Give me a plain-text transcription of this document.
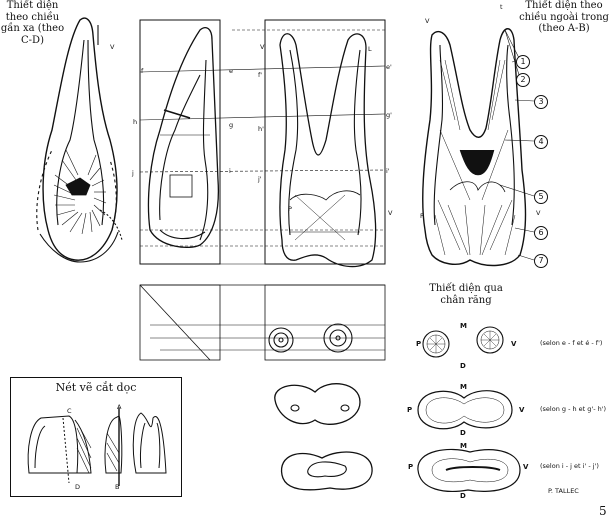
Thiết diện theo chiều gần xa (theo C-D)
Thiết diện theo chiều ngoài trong (theo A-B)
Thiết diện qua chân răng
1
2
3
4
5
6
7
e
f
g
h
i
j
e'
f'
g'
h'
i'
j'
V	V	L
V
t
P	V
P	V
P
M
V
D
P
M
V
D
P
M
V
D
(selon e - f et é - f')
(selon g - h et g'- h')
(selon i - j et i' - j')
P. TALLEC
5
Nét vẽ cắt dọc
C	A
D	B
